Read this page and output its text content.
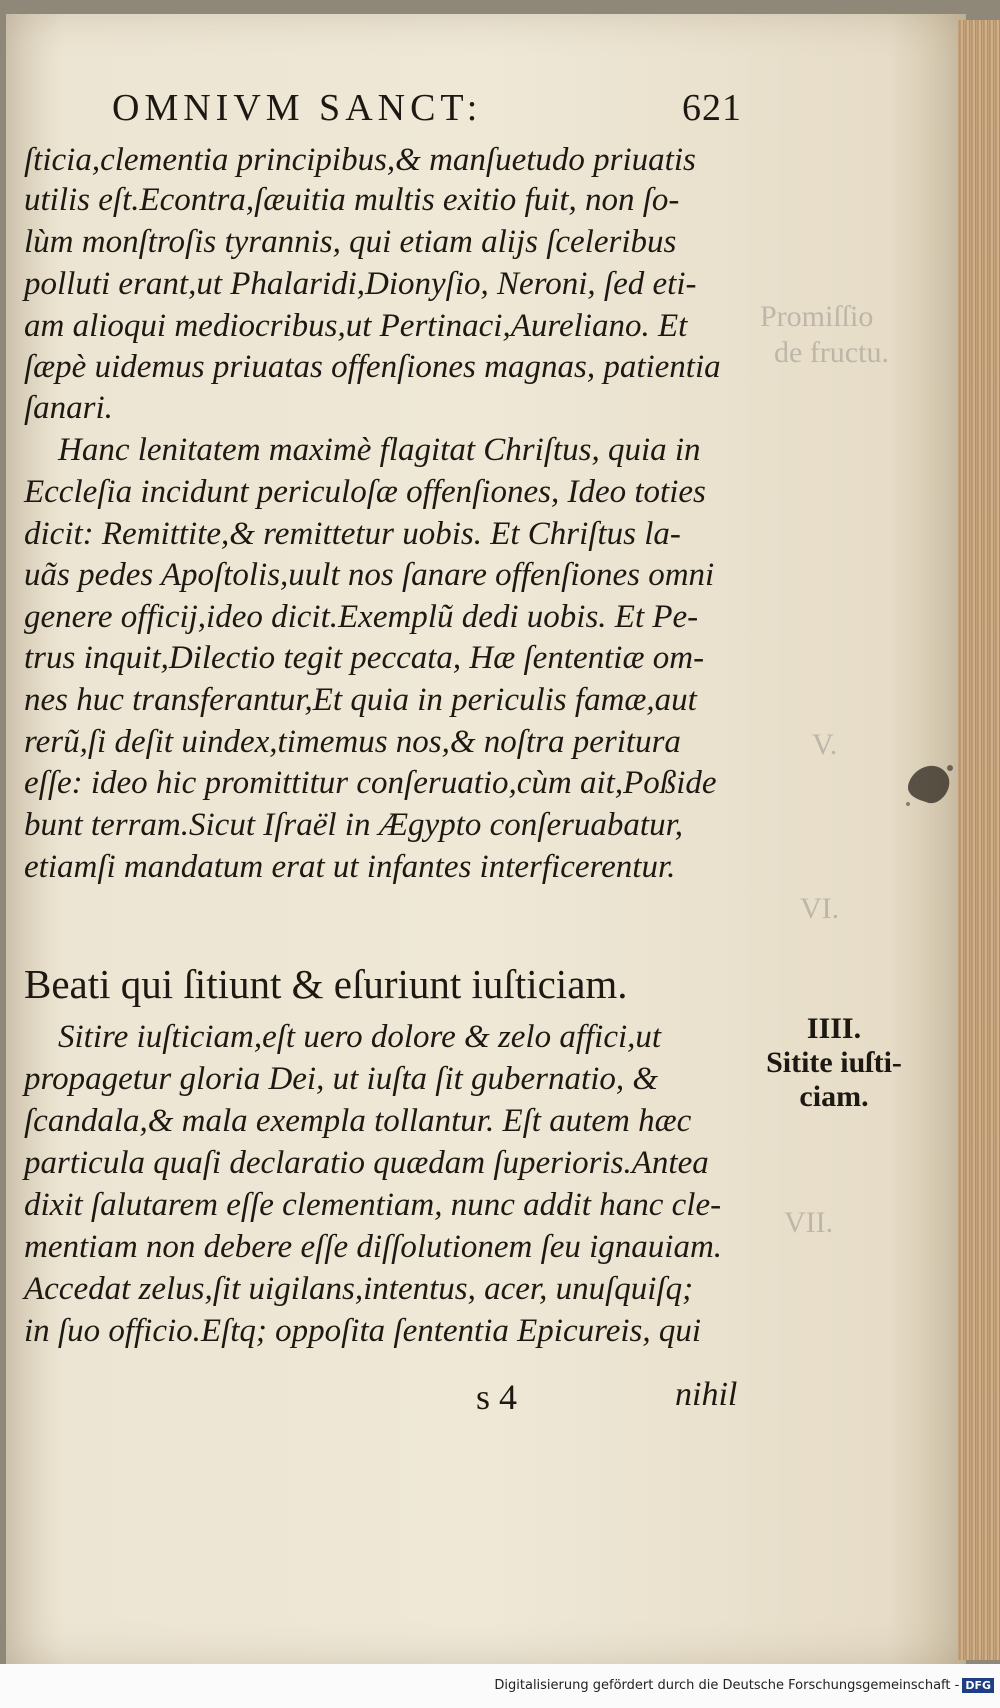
OMNIVM SANCT:	621
ſticia,clementia principibus,& manſuetudo priuatis
utilis eſt.Econtra,ſæuitia multis exitio fuit, non ſo-
lùm monſtroſis tyrannis, qui etiam alijs ſceleribus
polluti erant,ut Phalaridi,Dionyſio, Neroni, ſed eti-
am alioqui mediocribus,ut Pertinaci,Aureliano. Et
ſæpè uidemus priuatas offenſiones magnas, patientia
ſanari.
Hanc lenitatem maximè flagitat Chriſtus, quia in
Eccleſia incidunt periculoſæ offenſiones, Ideo toties
dicit: Remittite,& remittetur uobis. Et Chriſtus la-
uãs pedes Apoſtolis,uult nos ſanare offenſiones omni
genere officij,ideo dicit.Exemplũ dedi uobis. Et Pe-
trus inquit,Dilectio tegit peccata, Hæ ſententiæ om-
nes huc transferantur,Et quia in periculis famæ,aut
rerũ,ſi deſit uindex,timemus nos,& noſtra peritura
eſſe: ideo hic promittitur conſeruatio,cùm ait,Poßide
bunt terram.Sicut Iſraël in Ægypto conſeruabatur,
etiamſi mandatum erat ut infantes interficerentur.
Beati qui ſitiunt & eſuriunt iuſticiam.
Sitire iuſticiam,eſt uero dolore & zelo affici,ut
propagetur gloria Dei, ut iuſta ſit gubernatio, &
ſcandala,& mala exempla tollantur. Eſt autem hæc
particula quaſi declaratio quædam ſuperioris.Antea
dixit ſalutarem eſſe clementiam, nunc addit hanc cle-
mentiam non debere eſſe diſſolutionem ſeu ignauiam.
Accedat zelus,ſit uigilans,intentus, acer, unuſquiſq;
in ſuo officio.Eſtq; oppoſita ſententia Epicureis, qui
s 4	nihil
IIII.
Sitite iuſti-
ciam.
Promiſſio
de fructu.
V.
VI.
VII.
Digitalisierung gefördert durch die Deutsche Forschungsgemeinschaft - DFG
